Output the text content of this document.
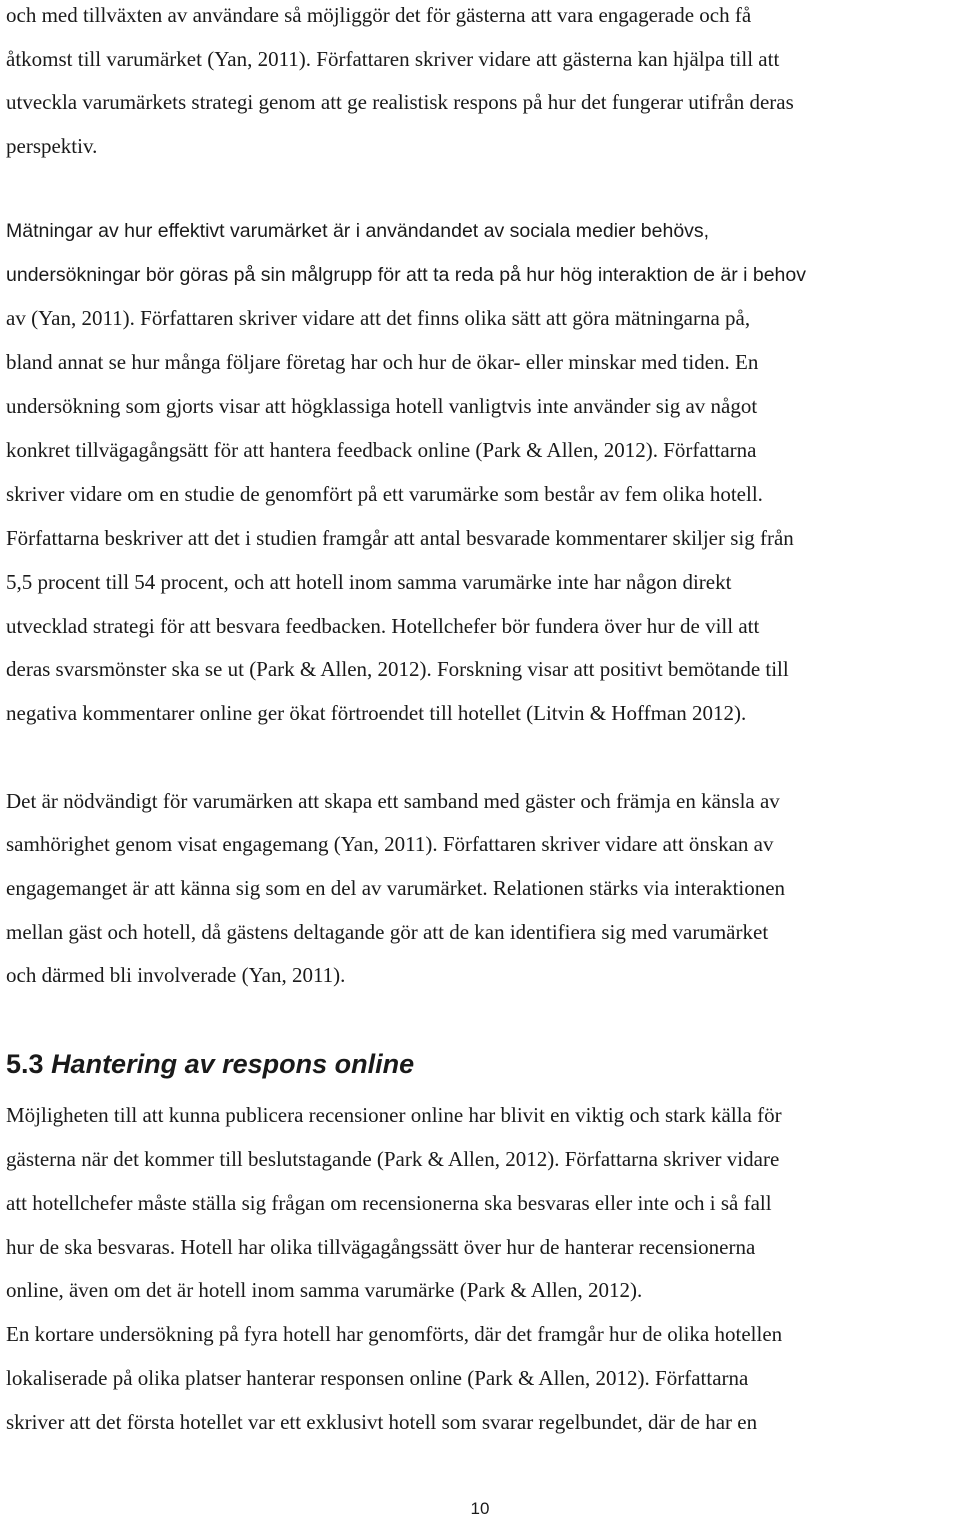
och med tillväxten av användare så möjliggör det för gästerna att vara engagerade och få
åtkomst till varumärket (Yan, 2011). Författaren skriver vidare att gästerna kan hjälpa till att
utveckla varumärkets strategi genom att ge realistisk respons på hur det fungerar utifrån deras
perspektiv.
Mätningar av hur effektivt varumärket är i användandet av sociala medier behövs,
undersökningar bör göras på sin målgrupp för att ta reda på hur hög interaktion de är i behov
av (Yan, 2011). Författaren skriver vidare att det finns olika sätt att göra mätningarna på,
bland annat se hur många följare företag har och hur de ökar- eller minskar med tiden. En
undersökning som gjorts visar att högklassiga hotell vanligtvis inte använder sig av något
konkret tillvägagångsätt för att hantera feedback online (Park & Allen, 2012). Författarna
skriver vidare om en studie de genomfört på ett varumärke som består av fem olika hotell.
Författarna beskriver att det i studien framgår att antal besvarade kommentarer skiljer sig från
5,5 procent till 54 procent, och att hotell inom samma varumärke inte har någon direkt
utvecklad strategi för att besvara feedbacken. Hotellchefer bör fundera över hur de vill att
deras svarsmönster ska se ut (Park & Allen, 2012). Forskning visar att positivt bemötande till
negativa kommentarer online ger ökat förtroendet till hotellet (Litvin & Hoffman 2012).
Det är nödvändigt för varumärken att skapa ett samband med gäster och främja en känsla av
samhörighet genom visat engagemang (Yan, 2011). Författaren skriver vidare att önskan av
engagemanget är att känna sig som en del av varumärket. Relationen stärks via interaktionen
mellan gäst och hotell, då gästens deltagande gör att de kan identifiera sig med varumärket
och därmed bli involverade (Yan, 2011).
5.3 Hantering av respons online
Möjligheten till att kunna publicera recensioner online har blivit en viktig och stark källa för
gästerna när det kommer till beslutstagande (Park & Allen, 2012). Författarna skriver vidare
att hotellchefer måste ställa sig frågan om recensionerna ska besvaras eller inte och i så fall
hur de ska besvaras. Hotell har olika tillvägagångssätt över hur de hanterar recensionerna
online, även om det är hotell inom samma varumärke (Park & Allen, 2012).
En kortare undersökning på fyra hotell har genomförts, där det framgår hur de olika hotellen
lokaliserade på olika platser hanterar responsen online (Park & Allen, 2012). Författarna
skriver att det första hotellet var ett exklusivt hotell som svarar regelbundet, där de har en
10
